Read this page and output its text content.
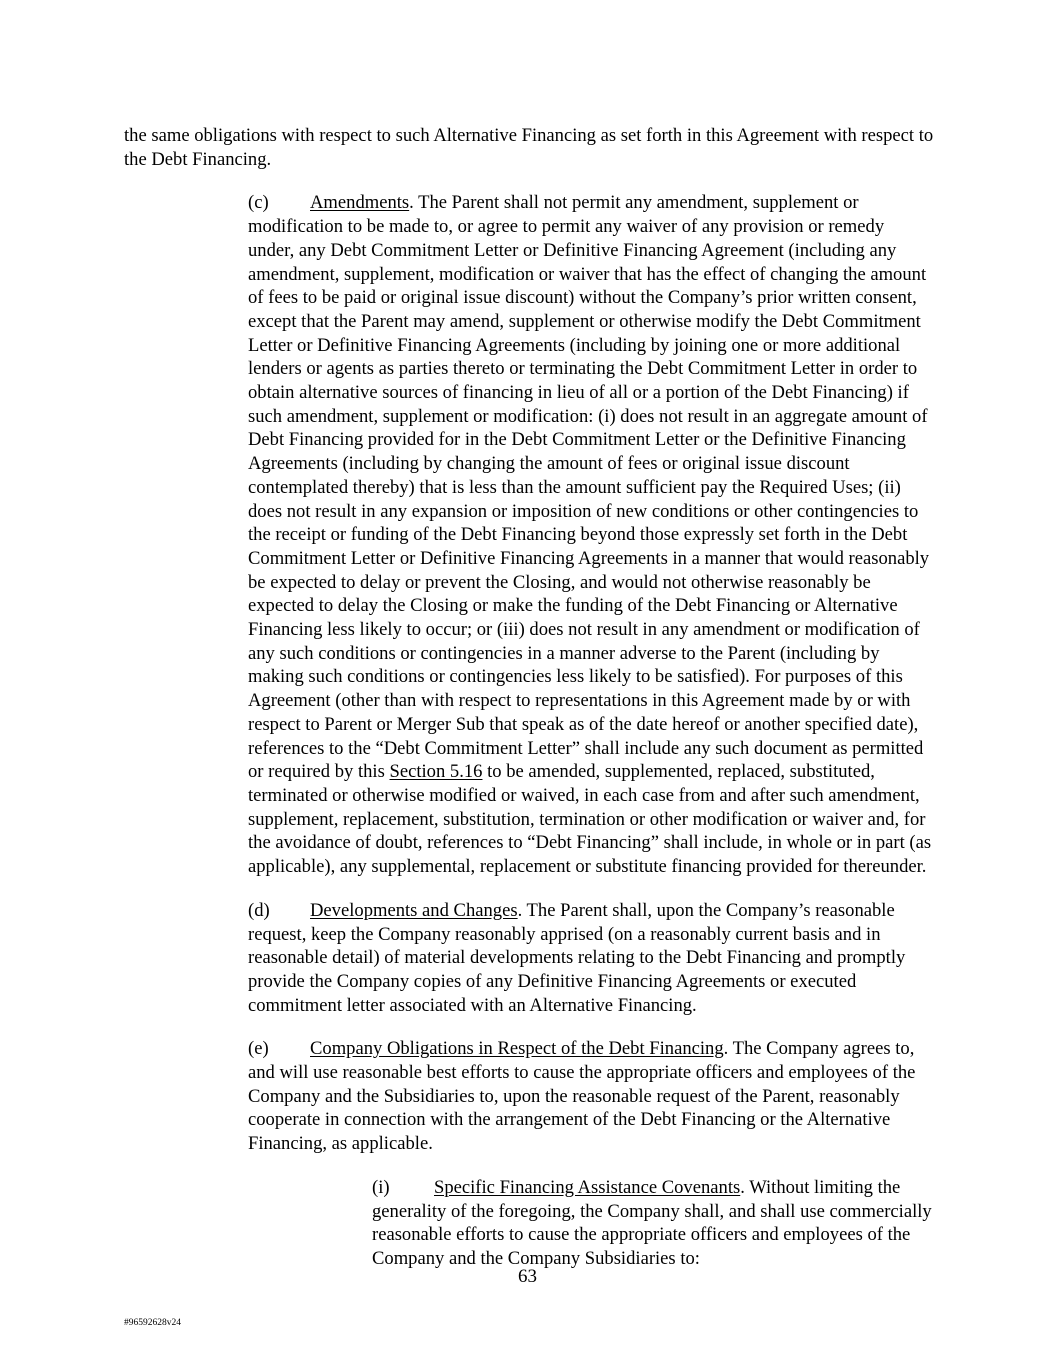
the same obligations with respect to such Alternative Financing as set forth in this Agreement with respect to the Debt Financing.

(c) Amendments. The Parent shall not permit any amendment, supplement or modification to be made to, or agree to permit any waiver of any provision or remedy under, any Debt Commitment Letter or Definitive Financing Agreement (including any amendment, supplement, modification or waiver that has the effect of changing the amount of fees to be paid or original issue discount) without the Company’s prior written consent, except that the Parent may amend, supplement or otherwise modify the Debt Commitment Letter or Definitive Financing Agreements (including by joining one or more additional lenders or agents as parties thereto or terminating the Debt Commitment Letter in order to obtain alternative sources of financing in lieu of all or a portion of the Debt Financing) if such amendment, supplement or modification: (i) does not result in an aggregate amount of Debt Financing provided for in the Debt Commitment Letter or the Definitive Financing Agreements (including by changing the amount of fees or original issue discount contemplated thereby) that is less than the amount sufficient pay the Required Uses; (ii) does not result in any expansion or imposition of new conditions or other contingencies to the receipt or funding of the Debt Financing beyond those expressly set forth in the Debt Commitment Letter or Definitive Financing Agreements in a manner that would reasonably be expected to delay or prevent the Closing, and would not otherwise reasonably be expected to delay the Closing or make the funding of the Debt Financing or Alternative Financing less likely to occur; or (iii) does not result in any amendment or modification of any such conditions or contingencies in a manner adverse to the Parent (including by making such conditions or contingencies less likely to be satisfied). For purposes of this Agreement (other than with respect to representations in this Agreement made by or with respect to Parent or Merger Sub that speak as of the date hereof or another specified date), references to the “Debt Commitment Letter” shall include any such document as permitted or required by this Section 5.16 to be amended, supplemented, replaced, substituted, terminated or otherwise modified or waived, in each case from and after such amendment, supplement, replacement, substitution, termination or other modification or waiver and, for the avoidance of doubt, references to “Debt Financing” shall include, in whole or in part (as applicable), any supplemental, replacement or substitute financing provided for thereunder.

(d) Developments and Changes. The Parent shall, upon the Company’s reasonable request, keep the Company reasonably apprised (on a reasonably current basis and in reasonable detail) of material developments relating to the Debt Financing and promptly provide the Company copies of any Definitive Financing Agreements or executed commitment letter associated with an Alternative Financing.

(e) Company Obligations in Respect of the Debt Financing. The Company agrees to, and will use reasonable best efforts to cause the appropriate officers and employees of the Company and the Subsidiaries to, upon the reasonable request of the Parent, reasonably cooperate in connection with the arrangement of the Debt Financing or the Alternative Financing, as applicable.

(i) Specific Financing Assistance Covenants. Without limiting the generality of the foregoing, the Company shall, and shall use commercially reasonable efforts to cause the appropriate officers and employees of the Company and the Company Subsidiaries to:

63
#96592628v24
